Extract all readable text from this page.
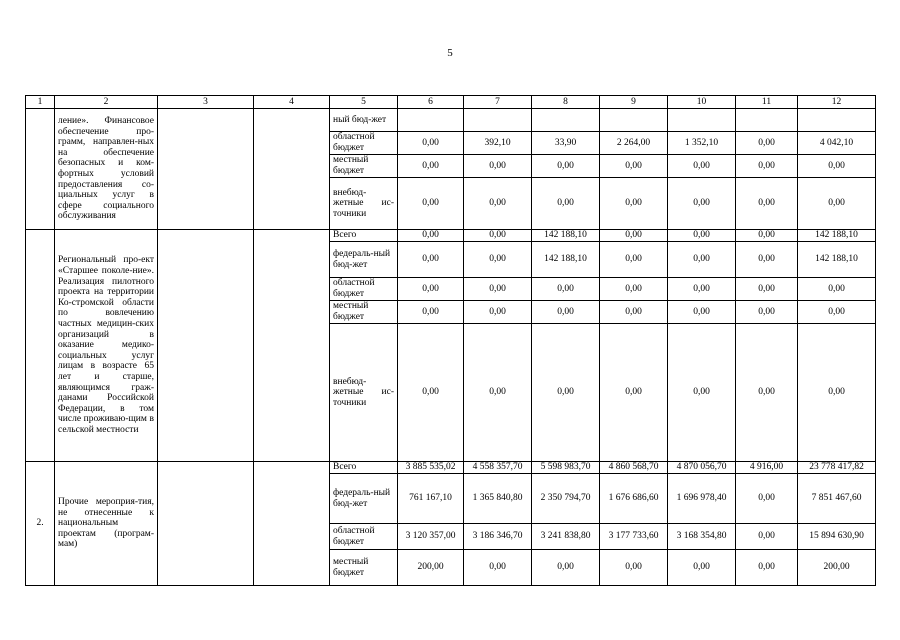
5
1	2	3	4	5	6	7	8	9	10	11	12
	ление». Финансовое обеспечение про-грамм, направлен-ных на обеспечение безопасных и ком-фортных условий предоставления со-циальных услуг в сфере социального обслуживания			ный бюд-жет							
				областной бюджет	0,00	392,10	33,90	2 264,00	1 352,10	0,00	4 042,10
				местный бюджет	0,00	0,00	0,00	0,00	0,00	0,00	0,00
				внебюд-жетные ис-точники	0,00	0,00	0,00	0,00	0,00	0,00	0,00
	Региональный про-ект «Старшее поколе-ние». Реализация пилотного проекта на территории Ко-стромской области по вовлечению частных медицин-ских организаций в оказание медико-социальных услуг лицам в возрасте 65 лет и старше, являющимся граж-данами Российской Федерации, в том числе проживаю-щим в сельской местности			Всего	0,00	0,00	142 188,10	0,00	0,00	0,00	142 188,10
				федераль-ный бюд-жет	0,00	0,00	142 188,10	0,00	0,00	0,00	142 188,10
				областной бюджет	0,00	0,00	0,00	0,00	0,00	0,00	0,00
				местный бюджет	0,00	0,00	0,00	0,00	0,00	0,00	0,00
				внебюд-жетные ис-точники	0,00	0,00	0,00	0,00	0,00	0,00	0,00
2.	Прочие мероприя-тия, не отнесенные к национальным проектам (програм-мам)			Всего	3 885 535,02	4 558 357,70	5 598 983,70	4 860 568,70	4 870 056,70	4 916,00	23 778 417,82
				федераль-ный бюд-жет	761 167,10	1 365 840,80	2 350 794,70	1 676 686,60	1 696 978,40	0,00	7 851 467,60
				областной бюджет	3 120 357,00	3 186 346,70	3 241 838,80	3 177 733,60	3 168 354,80	0,00	15 894 630,90
				местный бюджет	200,00	0,00	0,00	0,00	0,00	0,00	200,00
